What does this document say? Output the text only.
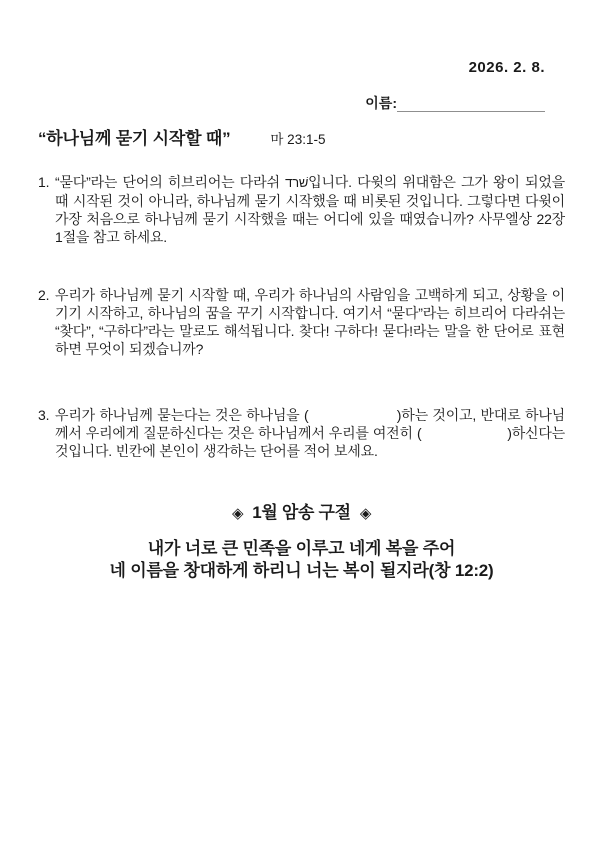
2026. 2. 8.
이름:
“하나님께 묻기 시작할 때”	마 23:1-5
1. “묻다”라는 단어의 히브리어는 다라쉬 דרשׁ입니다. 다윗의 위대함은 그가 왕이 되었을 때 시작된 것이 아니라, 하나님께 묻기 시작했을 때 비롯된 것입니다. 그렇다면 다윗이 가장 처음으로 하나님께 묻기 시작했을 때는 어디에 있을 때였습니까? 사무엘상 22장 1절을 참고 하세요.
2. 우리가 하나님께 묻기 시작할 때, 우리가 하나님의 사람임을 고백하게 되고, 상황을 이기기 시작하고, 하나님의 꿈을 꾸기 시작합니다. 여기서 “묻다”라는 히브리어 다라쉬는 “찾다”, “구하다”라는 말로도 해석됩니다. 찾다! 구하다! 묻다!라는 말을 한 단어로 표현하면 무엇이 되겠습니까?
3. 우리가 하나님께 묻는다는 것은 하나님을 (　　　　　　)하는 것이고, 반대로 하나님께서 우리에게 질문하신다는 것은 하나님께서 우리를 여전히 (　　　　　　)하신다는 것입니다. 빈칸에 본인이 생각하는 단어를 적어 보세요.
◈ 1월 암송 구절 ◈
내가 너로 큰 민족을 이루고 네게 복을 주어
네 이름을 창대하게 하리니 너는 복이 될지라(창 12:2)
